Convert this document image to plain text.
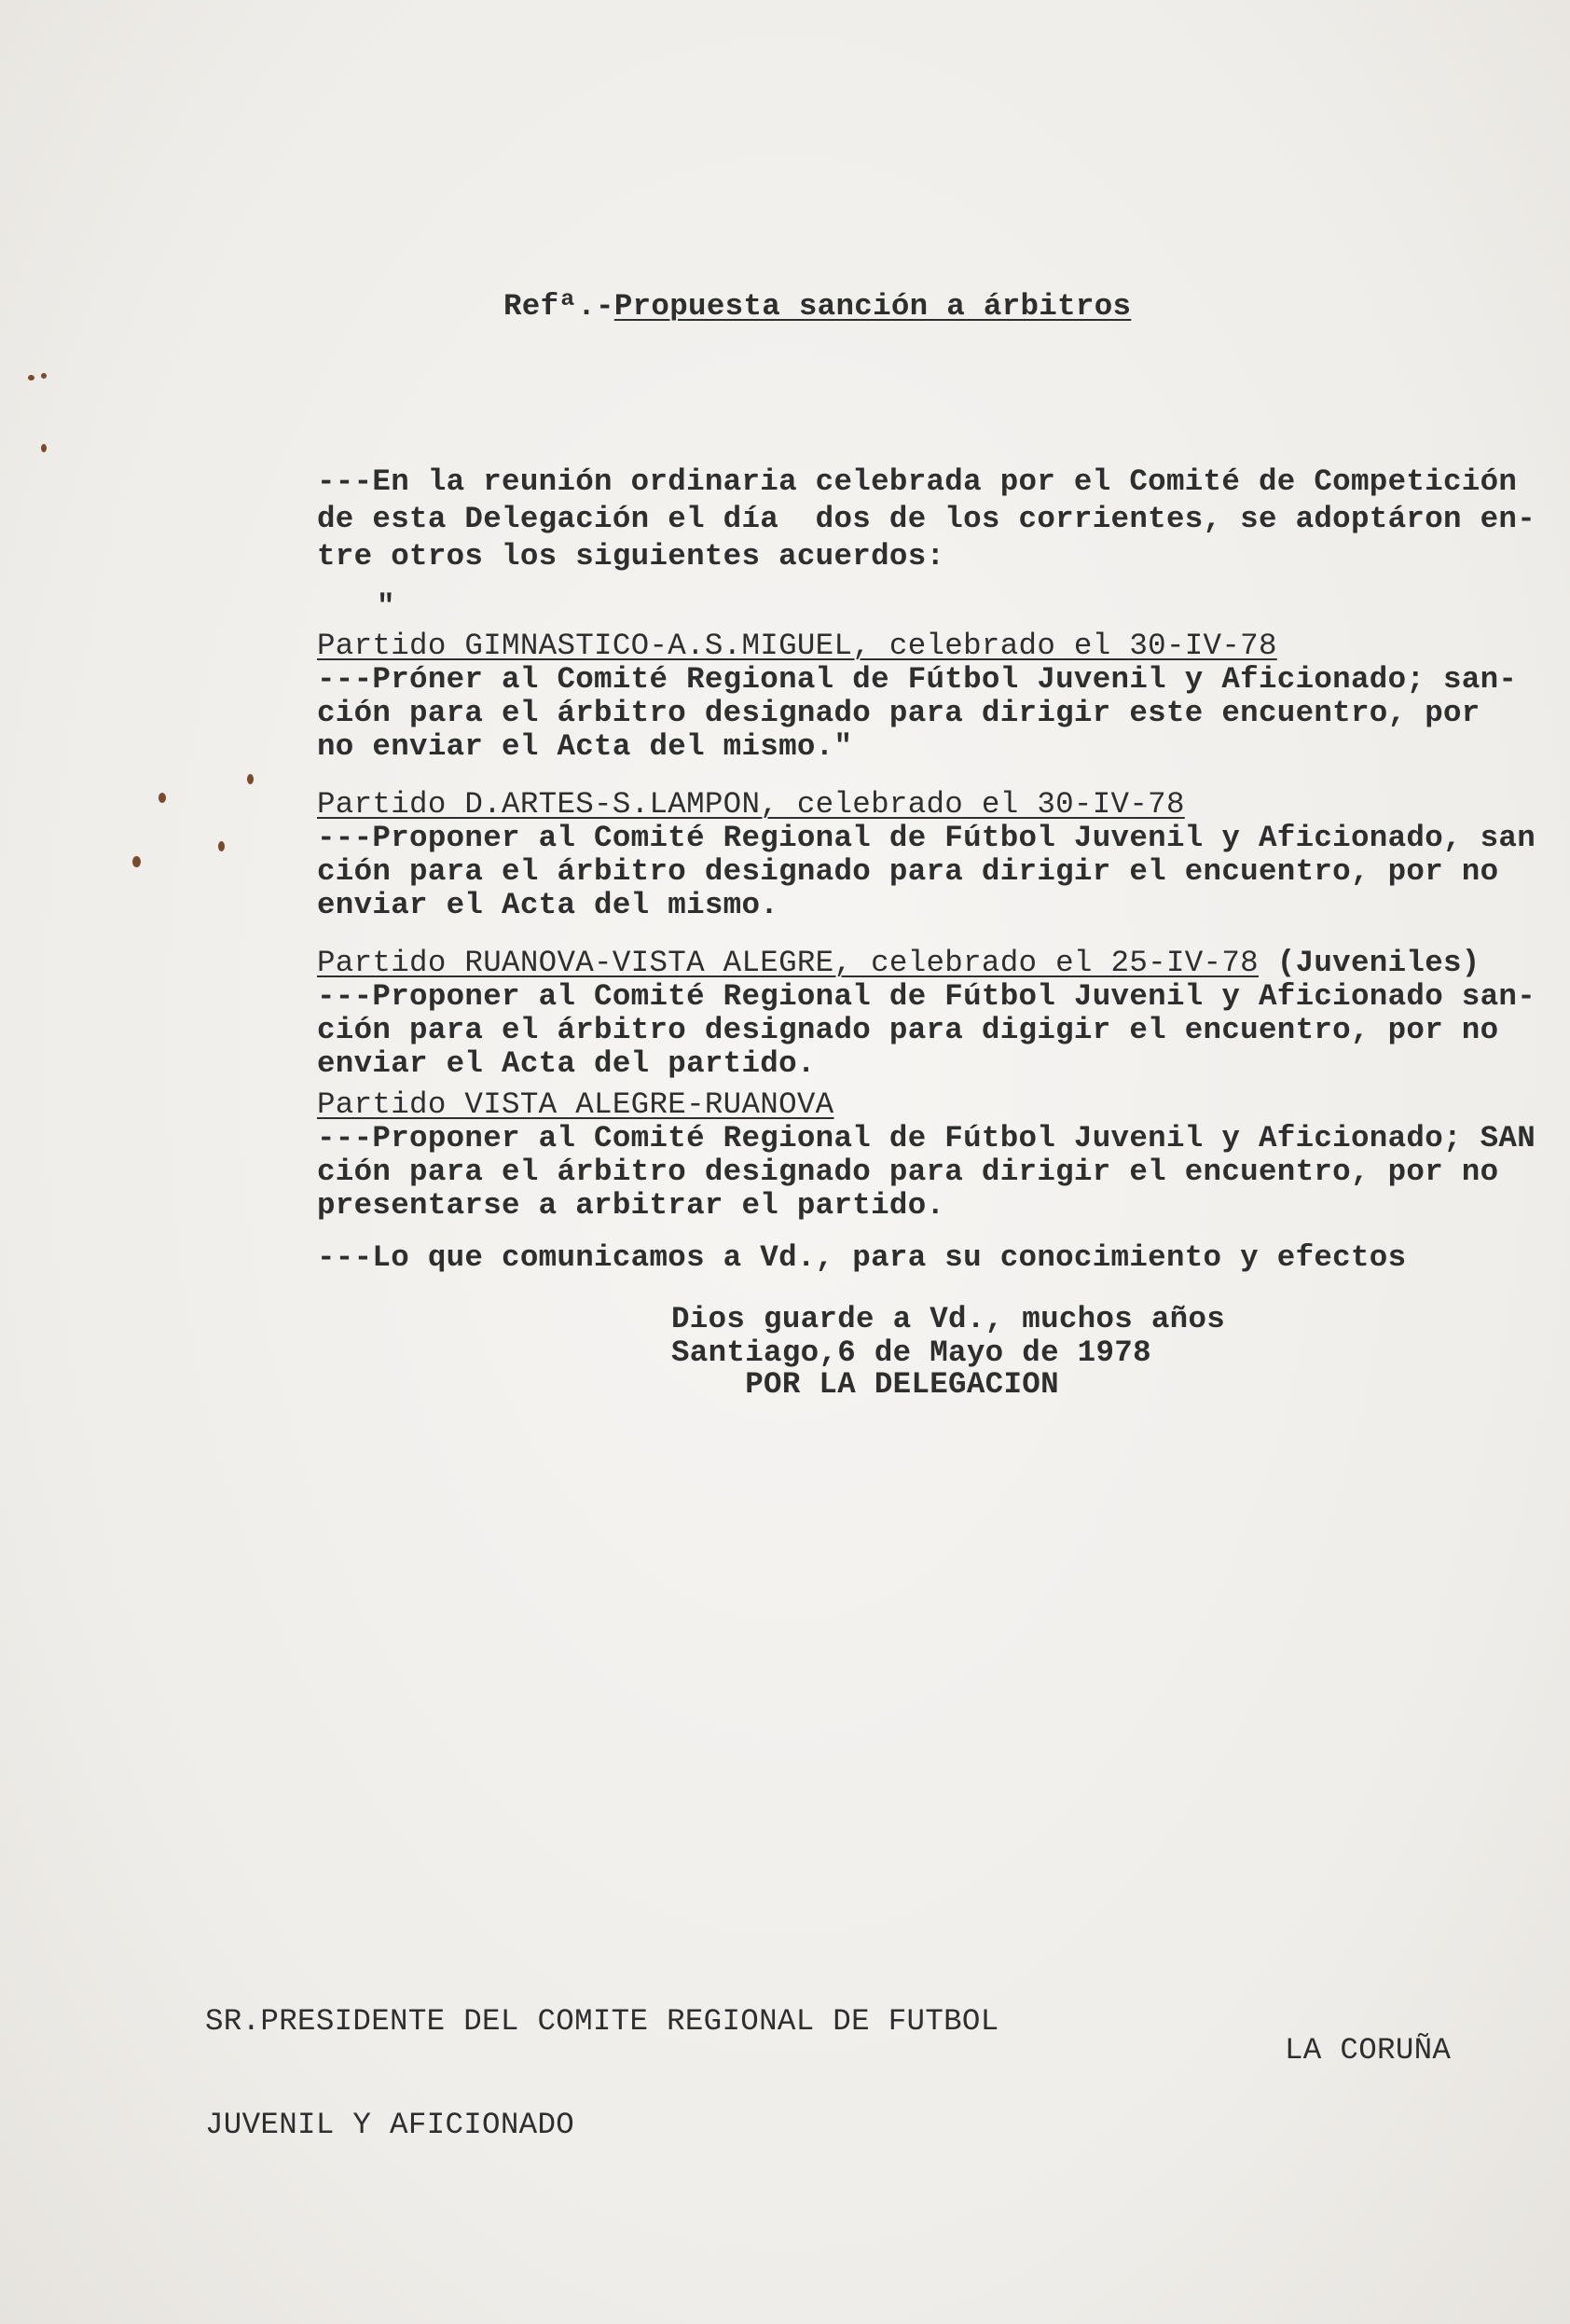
Refª.-Propuesta sanción a árbitros
---En la reunión ordinaria celebrada por el Comité de Competición
de esta Delegación el día  dos de los corrientes, se adoptáron en-
tre otros los siguientes acuerdos:
"
Partido GIMNASTICO-A.S.MIGUEL, celebrado el 30-IV-78
---Próner al Comité Regional de Fútbol Juvenil y Aficionado; san-
ción para el árbitro designado para dirigir este encuentro, por
no enviar el Acta del mismo."
Partido D.ARTES-S.LAMPON, celebrado el 30-IV-78
---Proponer al Comité Regional de Fútbol Juvenil y Aficionado, san
ción para el árbitro designado para dirigir el encuentro, por no
enviar el Acta del mismo.
Partido RUANOVA-VISTA ALEGRE, celebrado el 25-IV-78 (Juveniles)
---Proponer al Comité Regional de Fútbol Juvenil y Aficionado san-
ción para el árbitro designado para digigir el encuentro, por no
enviar el Acta del partido.
Partido VISTA ALEGRE-RUANOVA
---Proponer al Comité Regional de Fútbol Juvenil y Aficionado; SAN
ción para el árbitro designado para dirigir el encuentro, por no
presentarse a arbitrar el partido.
---Lo que comunicamos a Vd., para su conocimiento y efectos
Dios guarde a Vd., muchos años
Santiago,6 de Mayo de 1978
POR LA DELEGACION

SR.PRESIDENTE DEL COMITE REGIONAL DE FUTBOL

JUVENIL Y AFICIONADO

LA CORUÑA
